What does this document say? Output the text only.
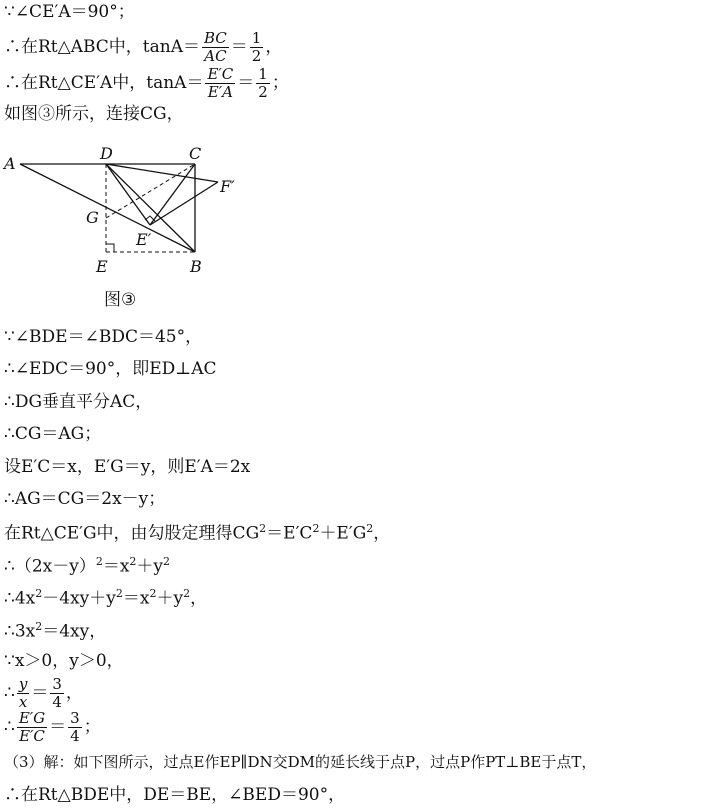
∵∠CE′A＝90°；
∴在Rt△ABC中，$\tan A= \frac{BC}{AC} = \frac{1}{2}$ ，
∴在Rt△CE′A中，$\tan A= \frac{E'C}{E'A} = \frac{1}{2}$ ；
如图③所示，连接CG，
A
D	C
F′
G
E′
E	B
图③
∵∠BDE＝∠BDC＝45°，
∴∠EDC＝90°，即ED⊥AC
∴DG垂直平分AC，
∴CG＝AG；
设E′C＝x，E′G＝y，则E′A＝2x
∴AG＝CG＝2x－y；
在Rt△CE′G中，由勾股定理得$CG^2=E'C^2+E'G^2$，
$\therefore(2x-y)^2=x^2+y^2$
$\therefore 4x^2-4xy+y^2=x^2+y^2$，
$\therefore 3x^2=4xy$，
∵x＞0，y＞0，
∴ $\frac{y}{x} = \frac{3}{4}$ ，
∴ $\frac{E'G}{E'C} = \frac{3}{4}$ ；
（3）解：如下图所示，过点E作EP∥DN交DM的延长线于点P，过点P作PT⊥BE于点T，
∴在Rt△BDE中，DE＝BE，∠BED＝90°，
